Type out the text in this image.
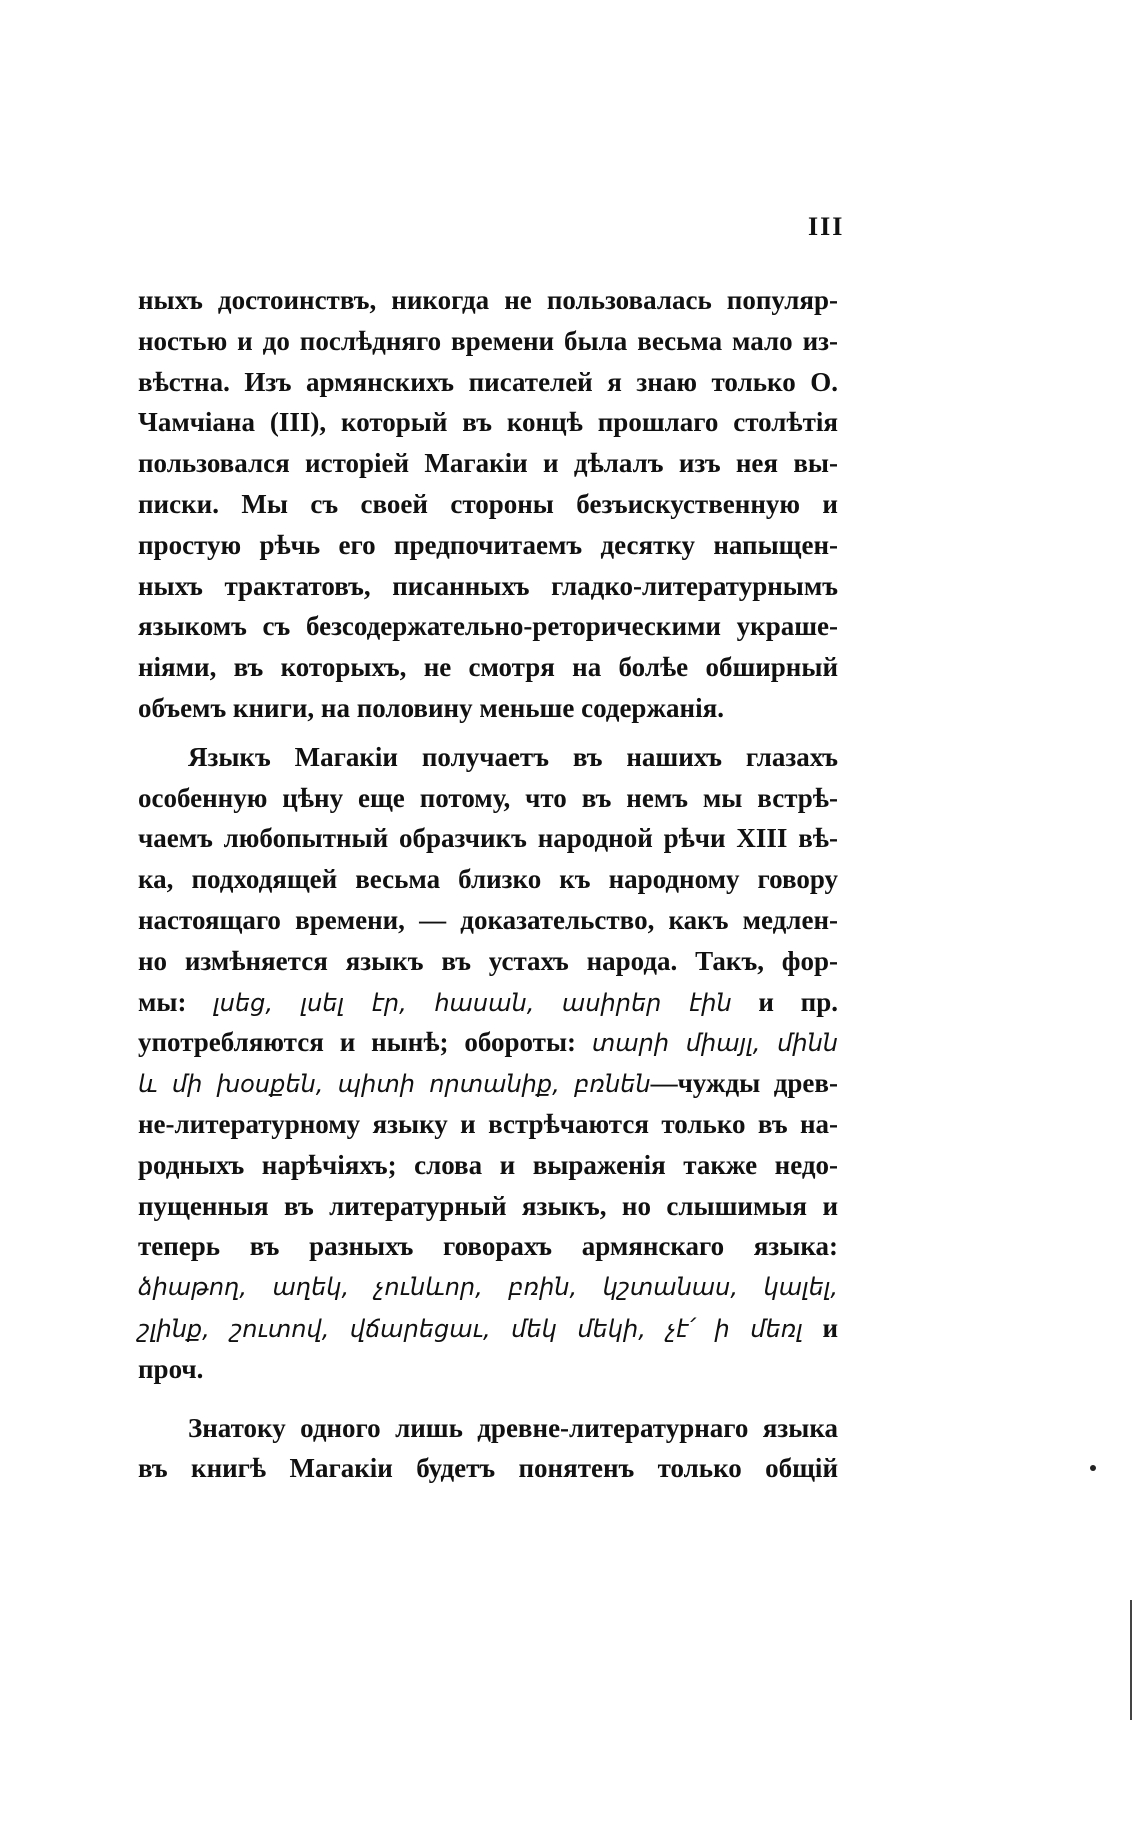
III
ныхъ достоинствъ, никогда не пользовалась популяр-
ностью и до послѣдняго времени была весьма мало из-
вѣстна. Изъ армянскихъ писателей я знаю только О.
Чамчіана (III), который въ концѣ прошлаго столѣтія
пользовался исторіей Магакіи и дѣлалъ изъ нея вы-
писки. Мы съ своей стороны безъискуственную и
простую рѣчь его предпочитаемъ десятку напыщен-
ныхъ трактатовъ, писанныхъ гладко-литературнымъ
языкомъ съ безсодержательно-реторическими украше-
ніями, въ которыхъ, не смотря на болѣе обширный
объемъ книги, на половину меньше содержанія.
Языкъ Магакіи получаетъ въ нашихъ глазахъ
особенную цѣну еще потому, что въ немъ мы встрѣ-
чаемъ любопытный образчикъ народной рѣчи XIII вѣ-
ка, подходящей весьма близко къ народному говору
настоящаго времени, — доказательство, какъ медлен-
но измѣняется языкъ въ устахъ народа. Такъ, фор-
мы: լսեց, լսել էր, հասան, ասիրեր էին и пр.
употребляются и нынѣ; обороты: տարի միայլ, մինն
և մի խօսքեն, պիտի որտանիք, բռնեն—чужды древ-
не-литературному языку и встрѣчаются только въ на-
родныхъ нарѣчіяхъ; слова и выраженія также недо-
пущенныя въ литературный языкъ, но слышимыя и
теперь въ разныхъ говорахъ армянскаго языка:
ձիաթող, աղեկ, չունևոր, բռին, կշտանաս, կալել,
շլինք, շուտով, վճարեցաւ, մեկ մեկի, չէ՛ ի մեռլ и
проч.
Знатоку одного лишь древне-литературнаго языка
въ книгѣ Магакіи будетъ понятенъ только общій
